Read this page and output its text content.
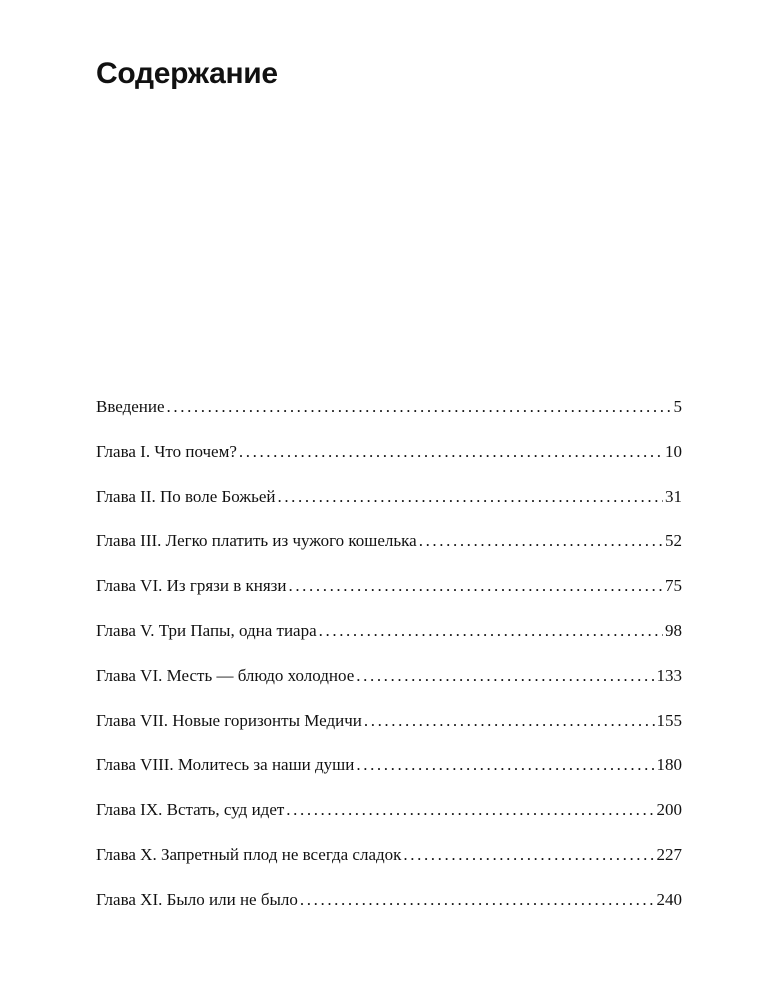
Содержание
Введение .....	5
Глава I. Что почем? .....	10
Глава II. По воле Божьей .....	31
Глава III. Легко платить из чужого кошелька .....	52
Глава VI. Из грязи в князи .....	75
Глава V. Три Папы, одна тиара .....	98
Глава VI. Месть — блюдо холодное .....	133
Глава VII. Новые горизонты Медичи .....	155
Глава VIII. Молитесь за наши души .....	180
Глава IX. Встать, суд идет .....	200
Глава X. Запретный плод не всегда сладок .....	227
Глава XI. Было или не было .....	240
